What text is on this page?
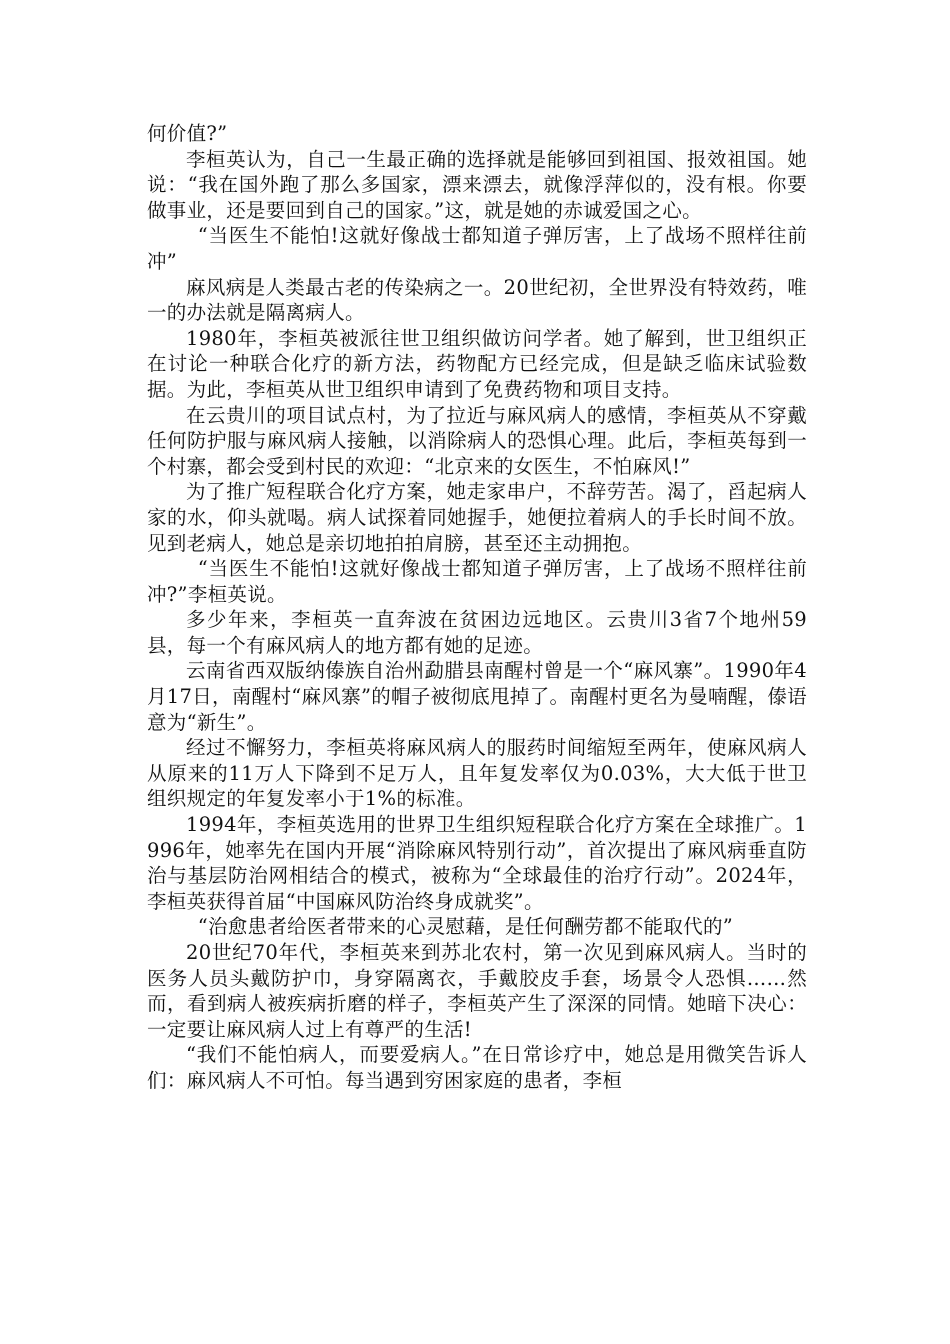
何价值?”

李桓英认为，自己一生最正确的选择就是能够回到祖国、报效祖国。她说：“我在国外跑了那么多国家，漂来漂去，就像浮萍似的，没有根。你要做事业，还是要回到自己的国家。”这，就是她的赤诚爱国之心。

“当医生不能怕!这就好像战士都知道子弹厉害，上了战场不照样往前冲”

麻风病是人类最古老的传染病之一。20世纪初，全世界没有特效药，唯一的办法就是隔离病人。

1980年，李桓英被派往世卫组织做访问学者。她了解到，世卫组织正在讨论一种联合化疗的新方法，药物配方已经完成，但是缺乏临床试验数据。为此，李桓英从世卫组织申请到了免费药物和项目支持。

在云贵川的项目试点村，为了拉近与麻风病人的感情，李桓英从不穿戴任何防护服与麻风病人接触，以消除病人的恐惧心理。此后，李桓英每到一个村寨，都会受到村民的欢迎：“北京来的女医生，不怕麻风!”

为了推广短程联合化疗方案，她走家串户，不辞劳苦。渴了，舀起病人家的水，仰头就喝。病人试探着同她握手，她便拉着病人的手长时间不放。见到老病人，她总是亲切地拍拍肩膀，甚至还主动拥抱。

“当医生不能怕!这就好像战士都知道子弹厉害，上了战场不照样往前冲?”李桓英说。

多少年来，李桓英一直奔波在贫困边远地区。云贵川3省7个地州59县，每一个有麻风病人的地方都有她的足迹。

云南省西双版纳傣族自治州勐腊县南醒村曾是一个“麻风寨”。1990年4月17日，南醒村“麻风寨”的帽子被彻底甩掉了。南醒村更名为曼喃醒，傣语意为“新生”。

经过不懈努力，李桓英将麻风病人的服药时间缩短至两年，使麻风病人从原来的11万人下降到不足万人，且年复发率仅为0.03%，大大低于世卫组织规定的年复发率小于1%的标准。

1994年，李桓英选用的世界卫生组织短程联合化疗方案在全球推广。1996年，她率先在国内开展“消除麻风特别行动”，首次提出了麻风病垂直防治与基层防治网相结合的模式，被称为“全球最佳的治疗行动”。2024年，李桓英获得首届“中国麻风防治终身成就奖”。

“治愈患者给医者带来的心灵慰藉，是任何酬劳都不能取代的”

20世纪70年代，李桓英来到苏北农村，第一次见到麻风病人。当时的医务人员头戴防护巾，身穿隔离衣，手戴胶皮手套，场景令人恐惧……然而，看到病人被疾病折磨的样子，李桓英产生了深深的同情。她暗下决心：一定要让麻风病人过上有尊严的生活!

“我们不能怕病人，而要爱病人。”在日常诊疗中，她总是用微笑告诉人们：麻风病人不可怕。每当遇到穷困家庭的患者，李桓
